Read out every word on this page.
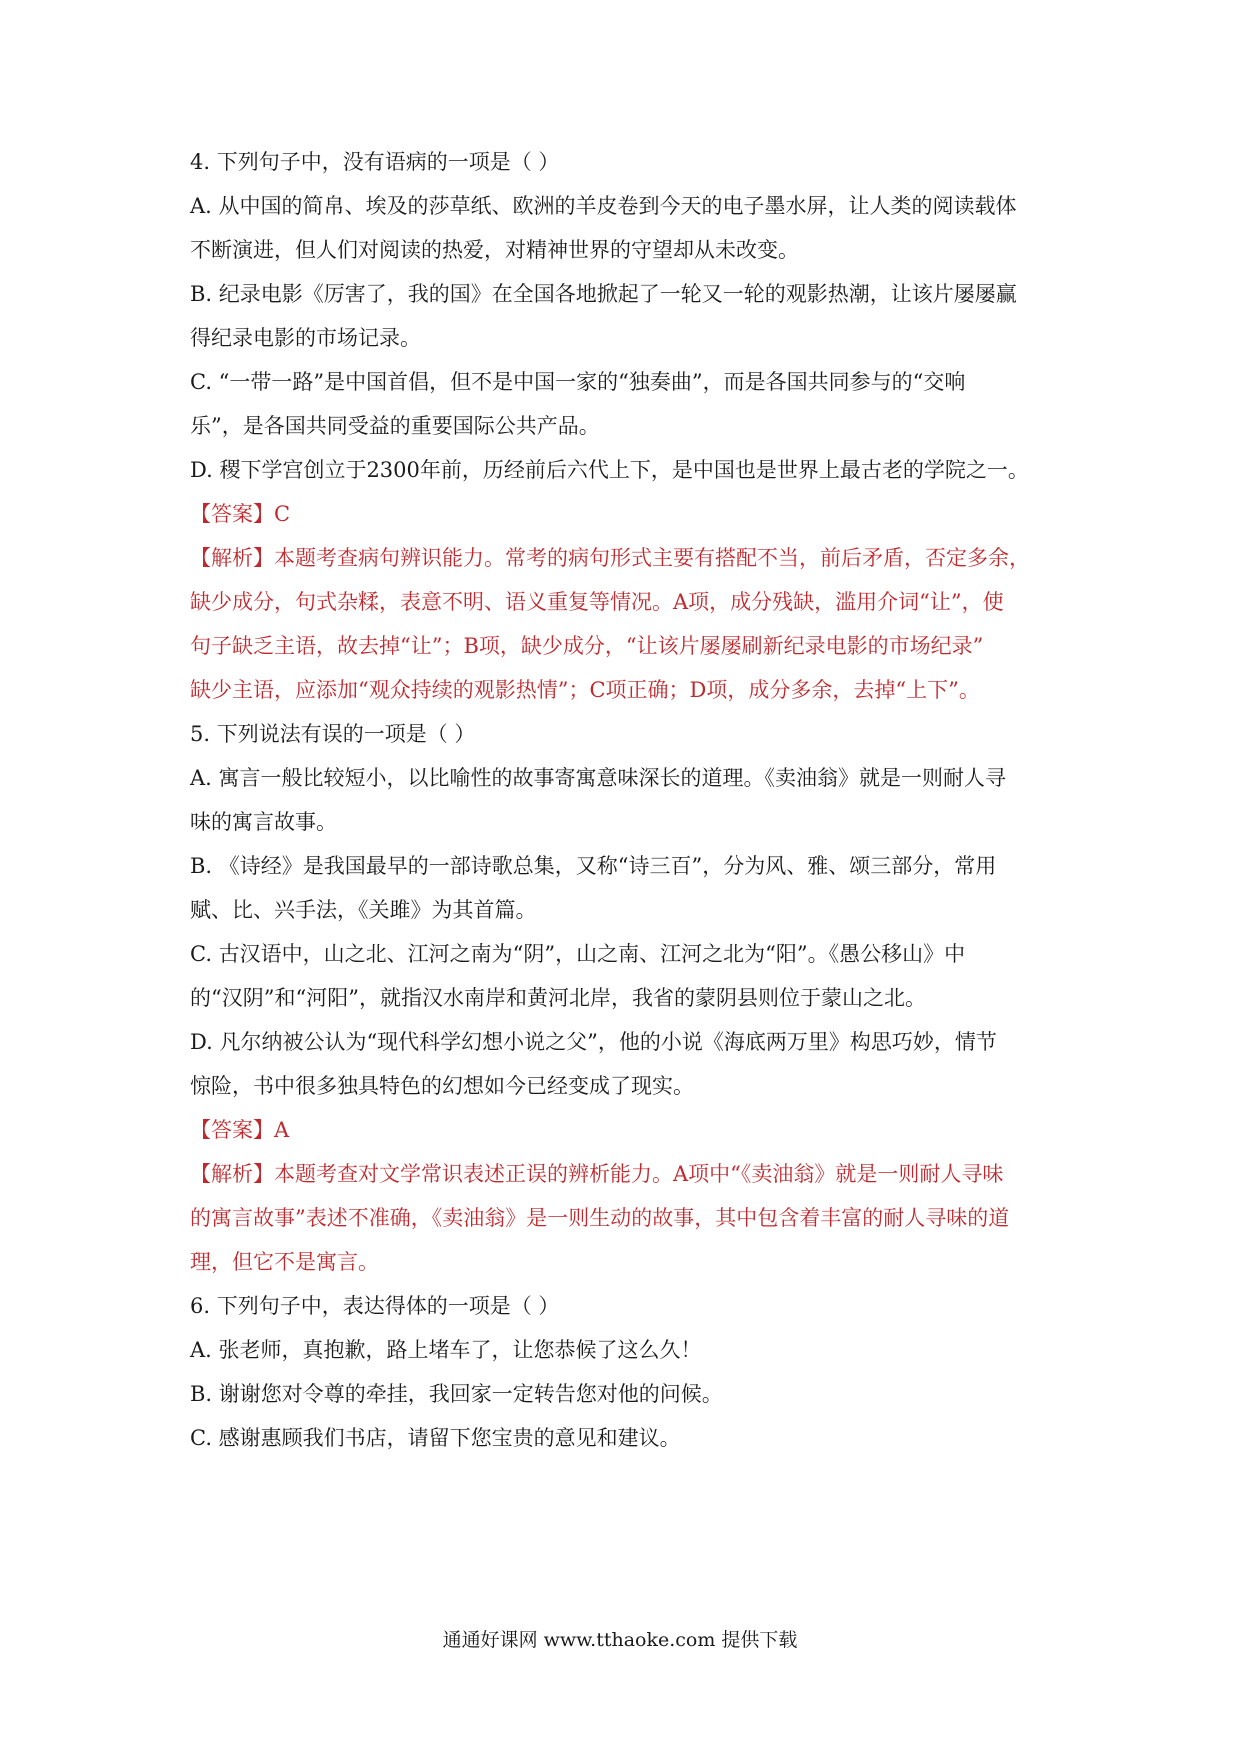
4. 下列句子中，没有语病的一项是（ ）
A. 从中国的简帛、埃及的莎草纸、欧洲的羊皮卷到今天的电子墨水屏，让人类的阅读载体
不断演进，但人们对阅读的热爱，对精神世界的守望却从未改变。
B. 纪录电影《厉害了，我的国》在全国各地掀起了一轮又一轮的观影热潮，让该片屡屡赢
得纪录电影的市场记录。
C. “一带一路”是中国首倡，但不是中国一家的“独奏曲”，而是各国共同参与的“交响
乐”，是各国共同受益的重要国际公共产品。
D. 稷下学宫创立于2300年前，历经前后六代上下，是中国也是世界上最古老的学院之一。
【答案】C
【解析】本题考查病句辨识能力。常考的病句形式主要有搭配不当，前后矛盾，否定多余，
缺少成分，句式杂糅，表意不明、语义重复等情况。A项，成分残缺，滥用介词“让”，使
句子缺乏主语，故去掉“让”；B项，缺少成分，“让该片屡屡刷新纪录电影的市场纪录”
缺少主语，应添加“观众持续的观影热情”；C项正确；D项，成分多余，去掉“上下”。
5. 下列说法有误的一项是（ ）
A. 寓言一般比较短小，以比喻性的故事寄寓意味深长的道理。《卖油翁》就是一则耐人寻
味的寓言故事。
B. 《诗经》是我国最早的一部诗歌总集，又称“诗三百”，分为风、雅、颂三部分，常用
赋、比、兴手法，《关雎》为其首篇。
C. 古汉语中，山之北、江河之南为“阴”，山之南、江河之北为“阳”。《愚公移山》中
的“汉阴”和“河阳”，就指汉水南岸和黄河北岸，我省的蒙阴县则位于蒙山之北。
D. 凡尔纳被公认为“现代科学幻想小说之父”，他的小说《海底两万里》构思巧妙，情节
惊险，书中很多独具特色的幻想如今已经变成了现实。
【答案】A
【解析】本题考查对文学常识表述正误的辨析能力。A项中“《卖油翁》就是一则耐人寻味
的寓言故事”表述不准确，《卖油翁》是一则生动的故事，其中包含着丰富的耐人寻味的道
理，但它不是寓言。
6. 下列句子中，表达得体的一项是（ ）
A. 张老师，真抱歉，路上堵车了，让您恭候了这么久！
B. 谢谢您对令尊的牵挂，我回家一定转告您对他的问候。
C. 感谢惠顾我们书店，请留下您宝贵的意见和建议。
通通好课网 www.tthaoke.com 提供下载
